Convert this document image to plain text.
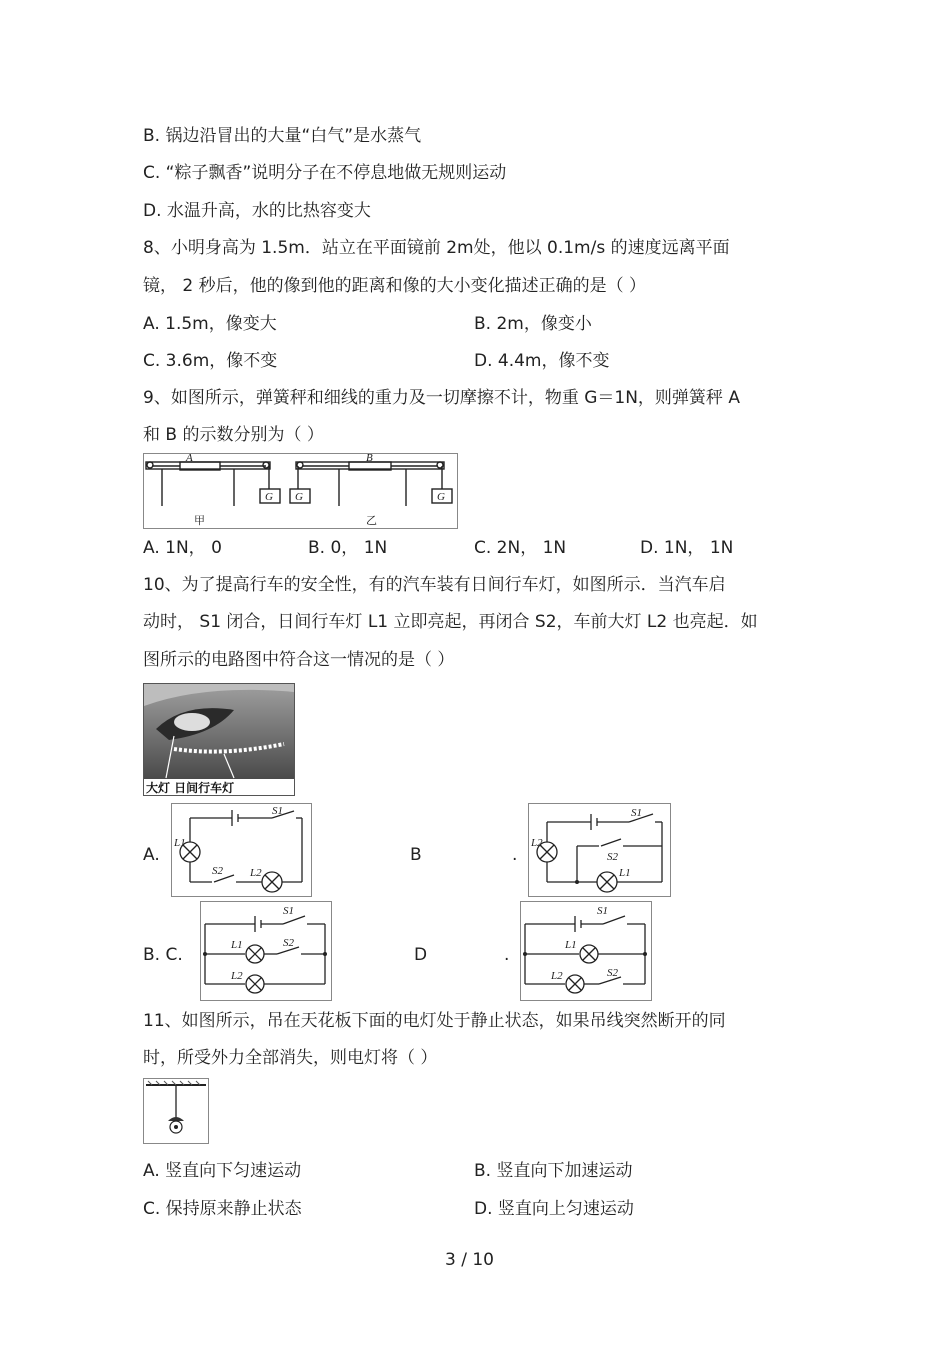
B. 锅边沿冒出的大量“白气”是水蒸气
C. “粽子飘香”说明分子在不停息地做无规则运动
D. 水温升高，水的比热容变大
8、小明身高为 1.5m．站立在平面镜前 2m处，他以 0.1m/s 的速度远离平面
镜， 2 秒后，他的像到他的距离和像的大小变化描述正确的是（ ）
A. 1.5m，像变大	B. 2m，像变小
C. 3.6m，像不变	D. 4.4m，像不变
9、如图所示，弹簧秤和细线的重力及一切摩擦不计，物重 G＝1N，则弹簧秤 A
和 B 的示数分别为（ ）
A	B
G G	G
甲	乙
A. 1N， 0	B. 0， 1N	C. 2N， 1N	D. 1N， 1N
10、为了提高行车的安全性，有的汽车装有日间行车灯，如图所示．当汽车启
动时， S1 闭合，日间行车灯 L1 立即亮起，再闭合 S2，车前大灯 L2 也亮起．如
图所示的电路图中符合这一情况的是（ ）
大灯 日间行车灯
A.
L1
S1
S2 L2
B	.
L2
S1
S2
L1
B. C.
S1
L1	S2
L2
D	.
S1
L1
L2	S2
11、如图所示，吊在天花板下面的电灯处于静止状态，如果吊线突然断开的同
时，所受外力全部消失，则电灯将（ ）
A. 竖直向下匀速运动	B. 竖直向下加速运动
C. 保持原来静止状态	D. 竖直向上匀速运动
3 / 10
